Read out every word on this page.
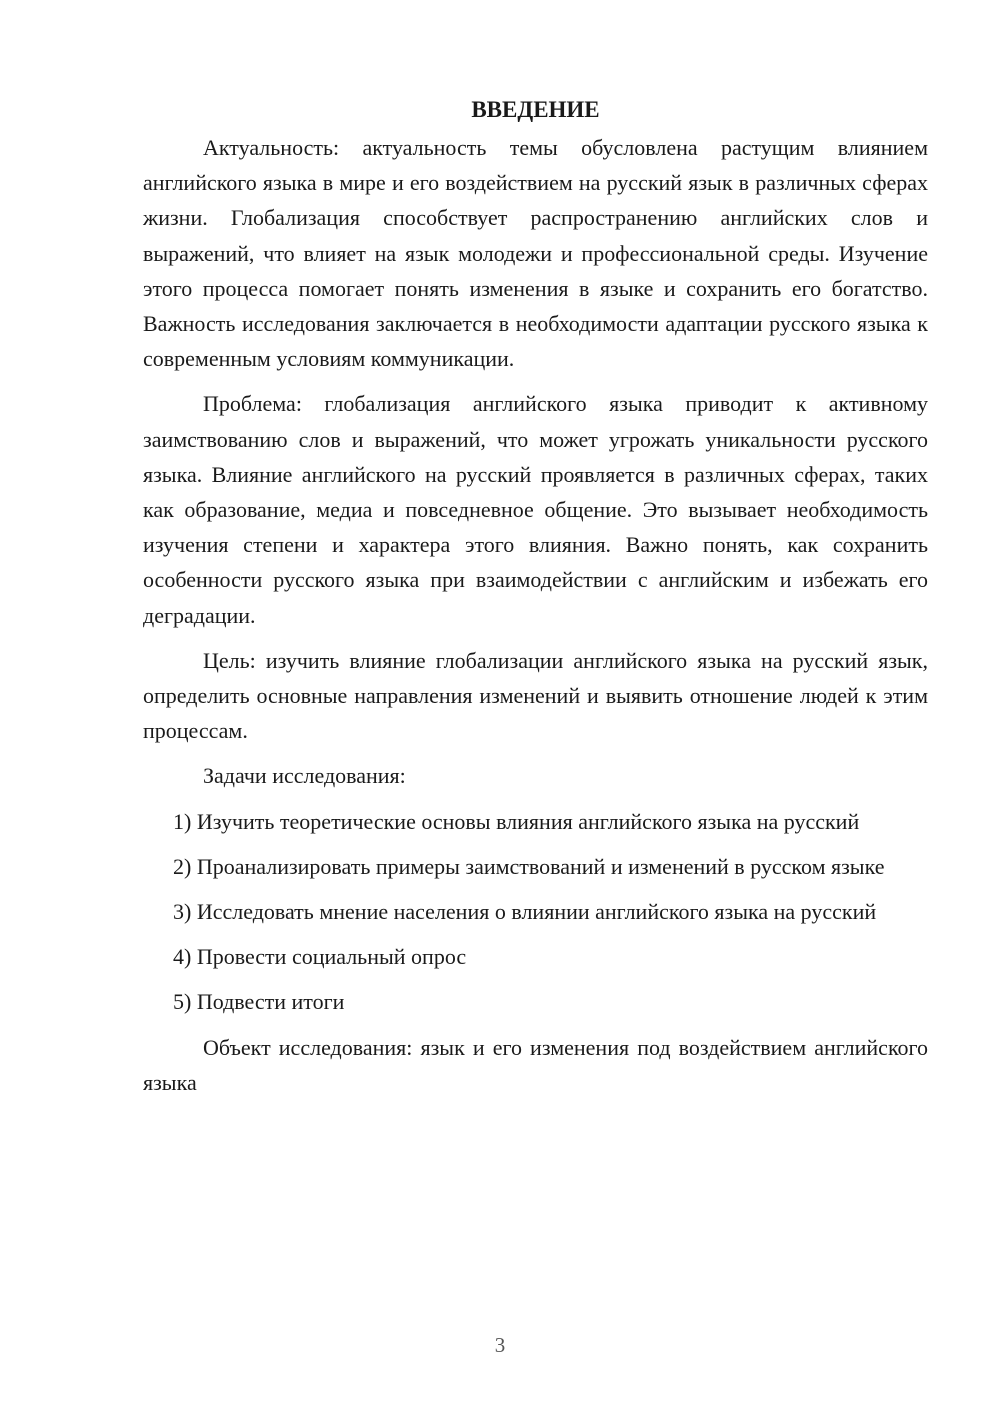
ВВЕДЕНИЕ

Актуальность: актуальность темы обусловлена растущим влиянием английского языка в мире и его воздействием на русский язык в различных сферах жизни. Глобализация способствует распространению английских слов и выражений, что влияет на язык молодежи и профессиональной среды. Изучение этого процесса помогает понять изменения в языке и сохранить его богатство. Важность исследования заключается в необходимости адаптации русского языка к современным условиям коммуникации.

Проблема: глобализация английского языка приводит к активному заимствованию слов и выражений, что может угрожать уникальности русского языка. Влияние английского на русский проявляется в различных сферах, таких как образование, медиа и повседневное общение. Это вызывает необходимость изучения степени и характера этого влияния. Важно понять, как сохранить особенности русского языка при взаимодействии с английским и избежать его деградации.

Цель: изучить влияние глобализации английского языка на русский язык, определить основные направления изменений и выявить отношение людей к этим процессам.

Задачи исследования:

1) Изучить теоретические основы влияния английского языка на русский

2) Проанализировать примеры заимствований и изменений в русском языке

3) Исследовать мнение населения о влиянии английского языка на русский

4) Провести социальный опрос

5) Подвести итоги

Объект исследования: язык и его изменения под воздействием английского языка

3
